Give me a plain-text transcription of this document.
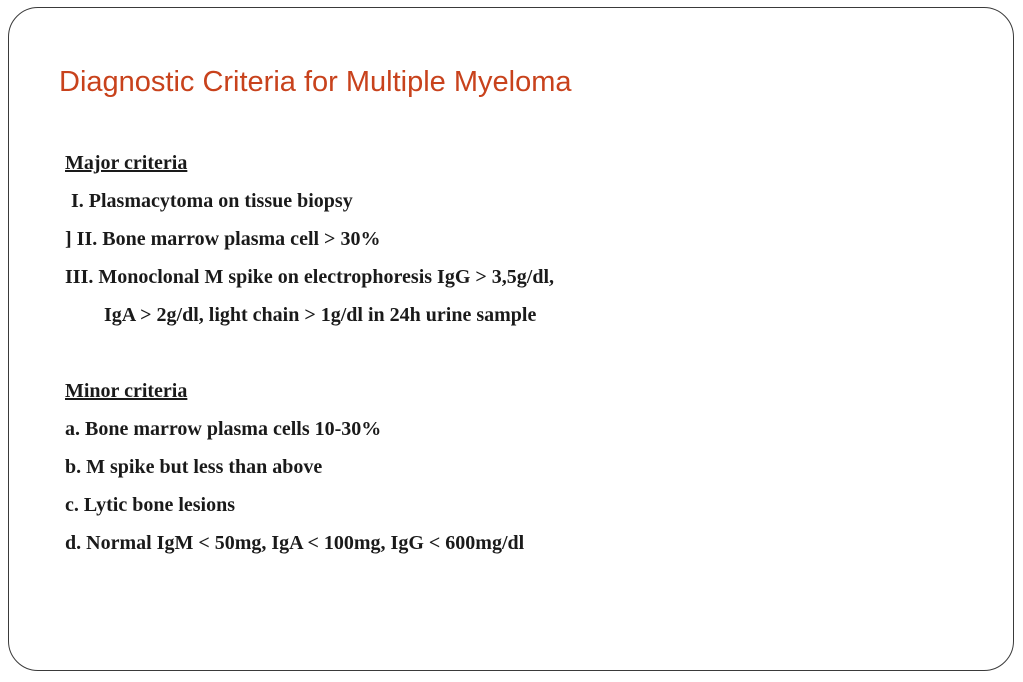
Diagnostic Criteria for Multiple Myeloma
Major criteria
I. Plasmacytoma on tissue biopsy
] II. Bone marrow plasma cell > 30%
III. Monoclonal M spike on electrophoresis IgG > 3,5g/dl,
IgA > 2g/dl, light chain > 1g/dl in 24h urine sample
Minor criteria
a. Bone marrow plasma cells 10-30%
b. M spike but less than above
c. Lytic bone lesions
d. Normal IgM < 50mg, IgA < 100mg, IgG < 600mg/dl
